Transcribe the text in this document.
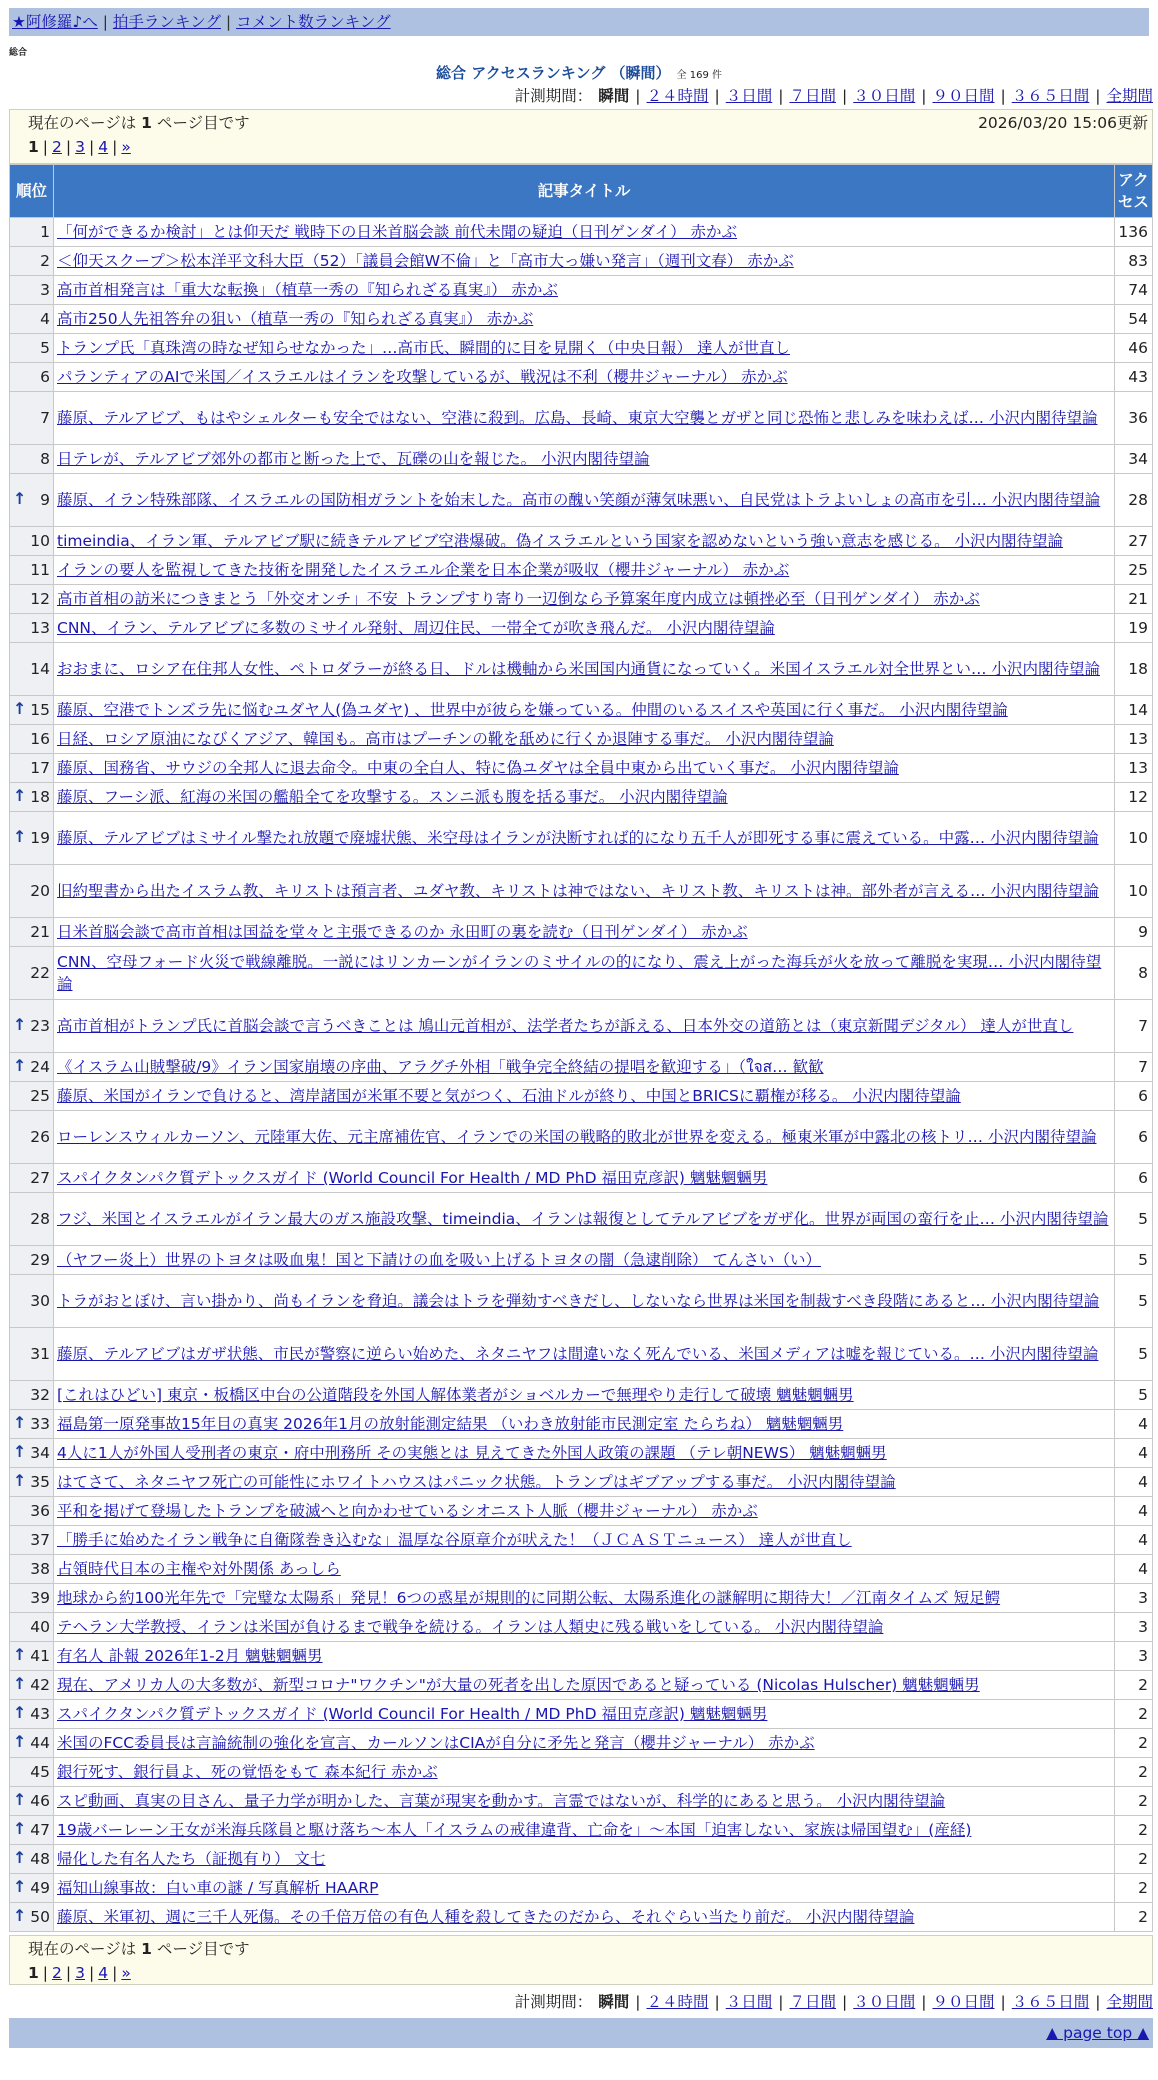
★阿修羅♪へ | 拍手ランキング | コメント数ランキング
総合
総合 アクセスランキング （瞬間） 全 169 件
計測期間： 瞬間 | ２４時間 | ３日間 | ７日間 | ３０日間 | ９０日間 | ３６５日間 | 全期間
現在のページは 1 ページ目です
1 | 2 | 3 | 4 | »
2026/03/20 15:06更新
順位	記事タイトル	アクセス
1	「何ができるか検討」とは仰天だ 戦時下の日米首脳会談 前代未聞の疑迫（日刊ゲンダイ） 赤かぶ	136
2	＜仰天スクープ＞松本洋平文科大臣（52）「議員会館W不倫」と「高市大っ嫌い発言」（週刊文春） 赤かぶ	83
3	高市首相発言は「重大な転換」（植草一秀の『知られざる真実』） 赤かぶ	74
4	高市250人先祖答弁の狙い（植草一秀の『知られざる真実』） 赤かぶ	54
5	トランプ氏「真珠湾の時なぜ知らせなかった」…高市氏、瞬間的に目を見開く（中央日報） 達人が世直し	46
6	パランティアのAIで米国／イスラエルはイランを攻撃しているが、戦況は不利（櫻井ジャーナル） 赤かぶ	43
7	藤原、テルアビブ、もはやシェルターも安全ではない、空港に殺到。広島、長崎、東京大空襲とガザと同じ恐怖と悲しみを味わえば… 小沢内閣待望論	36
8	日テレが、テルアビブ郊外の都市と断った上で、瓦礫の山を報じた。 小沢内閣待望論	34

↑ 9	藤原、イラン特殊部隊、イスラエルの国防相ガラントを始末した。高市の醜い笑顔が薄気味悪い、自民党はトラよいしょの高市を引… 小沢内閣待望論	28
10	timeindia、イラン軍、テルアビブ駅に続きテルアビブ空港爆破。偽イスラエルという国家を認めないという強い意志を感じる。 小沢内閣待望論	27
11	イランの要人を監視してきた技術を開発したイスラエル企業を日本企業が吸収（櫻井ジャーナル） 赤かぶ	25
12	高市首相の訪米につきまとう「外交オンチ」不安 トランプすり寄り一辺倒なら予算案年度内成立は頓挫必至（日刊ゲンダイ） 赤かぶ	21
13	CNN、イラン、テルアビブに多数のミサイル発射、周辺住民、一帯全てが吹き飛んだ。 小沢内閣待望論	19
14	おおまに、ロシア在住邦人女性、ペトロダラーが終る日、ドルは機軸から米国国内通貨になっていく。米国イスラエル対全世界とい… 小沢内閣待望論	18

↑ 15	藤原、空港でトンズラ先に悩むユダヤ人(偽ユダヤ) 、世界中が彼らを嫌っている。仲間のいるスイスや英国に行く事だ。 小沢内閣待望論	14
16	日経、ロシア原油になびくアジア、韓国も。高市はプーチンの靴を舐めに行くか退陣する事だ。 小沢内閣待望論	13
17	藤原、国務省、サウジの全邦人に退去命令。中東の全白人、特に偽ユダヤは全員中東から出ていく事だ。 小沢内閣待望論	13

↑ 18	藤原、フーシ派、紅海の米国の艦船全てを攻撃する。スンニ派も腹を括る事だ。 小沢内閣待望論	12

↑ 19	藤原、テルアビブはミサイル撃たれ放題で廃墟状態、米空母はイランが決断すれば的になり五千人が即死する事に震えている。中露… 小沢内閣待望論	10
20	旧約聖書から出たイスラム教、キリストは預言者、ユダヤ教、キリストは神ではない、キリスト教、キリストは神。部外者が言える… 小沢内閣待望論	10
21	日米首脳会談で高市首相は国益を堂々と主張できるのか 永田町の裏を読む（日刊ゲンダイ） 赤かぶ	9
22	CNN、空母フォード火災で戦線離脱。一説にはリンカーンがイランのミサイルの的になり、震え上がった海兵が火を放って離脱を実現… 小沢内閣待望論	8

↑ 23	高市首相がトランプ氏に首脳会談で言うべきことは 鳩山元首相が、法学者たちが訴える、日本外交の道筋とは（東京新聞デジタル） 達人が世直し	7

↑ 24	《イスラム山賊撃破/9》イラン国家崩壊の序曲、アラグチ外相「戦争完全終結の提唱を歓迎する」（ใจส… 歓歓	7
25	藤原、米国がイランで負けると、湾岸諸国が米軍不要と気がつく、石油ドルが終り、中国とBRICSに覇権が移る。 小沢内閣待望論	6
26	ローレンスウィルカーソン、元陸軍大佐、元主席補佐官、イランでの米国の戦略的敗北が世界を変える。極東米軍が中露北の核トリ… 小沢内閣待望論	6
27	スパイクタンパク質デトックスガイド (World Council For Health / MD PhD 福田克彦訳) 魑魅魍魎男	6
28	フジ、米国とイスラエルがイラン最大のガス施設攻撃、timeindia、イランは報復としてテルアビブをガザ化。世界が両国の蛮行を止… 小沢内閣待望論	5
29	（ヤフー炎上）世界のトヨタは吸血鬼！国と下請けの血を吸い上げるトヨタの闇（急逮削除） てんさい（い）	5
30	トラがおとぼけ、言い掛かり、尚もイランを脅迫。議会はトラを弾劾すべきだし、しないなら世界は米国を制裁すべき段階にあると… 小沢内閣待望論	5
31	藤原、テルアビブはガザ状態、市民が警察に逆らい始めた、ネタニヤフは間違いなく死んでいる、米国メディアは嘘を報じている。… 小沢内閣待望論	5
32	[これはひどい] 東京・板橋区中台の公道階段を外国人解体業者がショベルカーで無理やり走行して破壊 魑魅魍魎男	5

↑ 33	福島第一原発事故15年目の真実 2026年1月の放射能測定結果 （いわき放射能市民測定室 たらちね） 魑魅魍魎男	4

↑ 34	4人に1人が外国人受刑者の東京・府中刑務所 その実態とは 見えてきた外国人政策の課題 （テレ朝NEWS） 魑魅魍魎男	4

↑ 35	はてさて、ネタニヤフ死亡の可能性にホワイトハウスはパニック状態。トランプはギブアップする事だ。 小沢内閣待望論	4
36	平和を掲げて登場したトランプを破滅へと向かわせているシオニスト人脈（櫻井ジャーナル） 赤かぶ	4
37	「勝手に始めたイラン戦争に自衛隊巻き込むな」温厚な谷原章介が吠えた！（ＪＣＡＳＴニュース） 達人が世直し	4
38	占領時代日本の主権や対外関係 あっしら	4
39	地球から約100光年先で「完璧な太陽系」発見！6つの惑星が規則的に同期公転、太陽系進化の謎解明に期待大！／江南タイムズ 短足鰐	3
40	テヘラン大学教授、イランは米国が負けるまで戦争を続ける。イランは人類史に残る戦いをしている。 小沢内閣待望論	3

↑ 41	有名人 訃報 2026年1-2月 魑魅魍魎男	3

↑ 42	現在、アメリカ人の大多数が、新型コロナ"ワクチン"が大量の死者を出した原因であると疑っている (Nicolas Hulscher) 魑魅魍魎男	2

↑ 43	スパイクタンパク質デトックスガイド (World Council For Health / MD PhD 福田克彦訳) 魑魅魍魎男	2

↑ 44	米国のFCC委員長は言論統制の強化を宣言、カールソンはCIAが自分に矛先と発言（櫻井ジャーナル） 赤かぶ	2
45	銀行死す、銀行員よ、死の覚悟をもて 森本紀行 赤かぶ	2

↑ 46	スピ動画、真実の目さん、量子力学が明かした、言葉が現実を動かす。言霊ではないが、科学的にあると思う。 小沢内閣待望論	2

↑ 47	19歳バーレーン王女が米海兵隊員と駆け落ち〜本人「イスラムの戒律違背、亡命を」〜本国「迫害しない、家族は帰国望む」(産経)	2

↑ 48	帰化した有名人たち（証拠有り） 文七	2

↑ 49	福知山線事故：白い車の謎 / 写真解析 HAARP	2

↑ 50	藤原、米軍初、週に三千人死傷。その千倍万倍の有色人種を殺してきたのだから、それぐらい当たり前だ。 小沢内閣待望論	2
現在のページは 1 ページ目です
1 | 2 | 3 | 4 | »
計測期間： 瞬間 | ２４時間 | ３日間 | ７日間 | ３０日間 | ９０日間 | ３６５日間 | 全期間
▲ page top ▲
